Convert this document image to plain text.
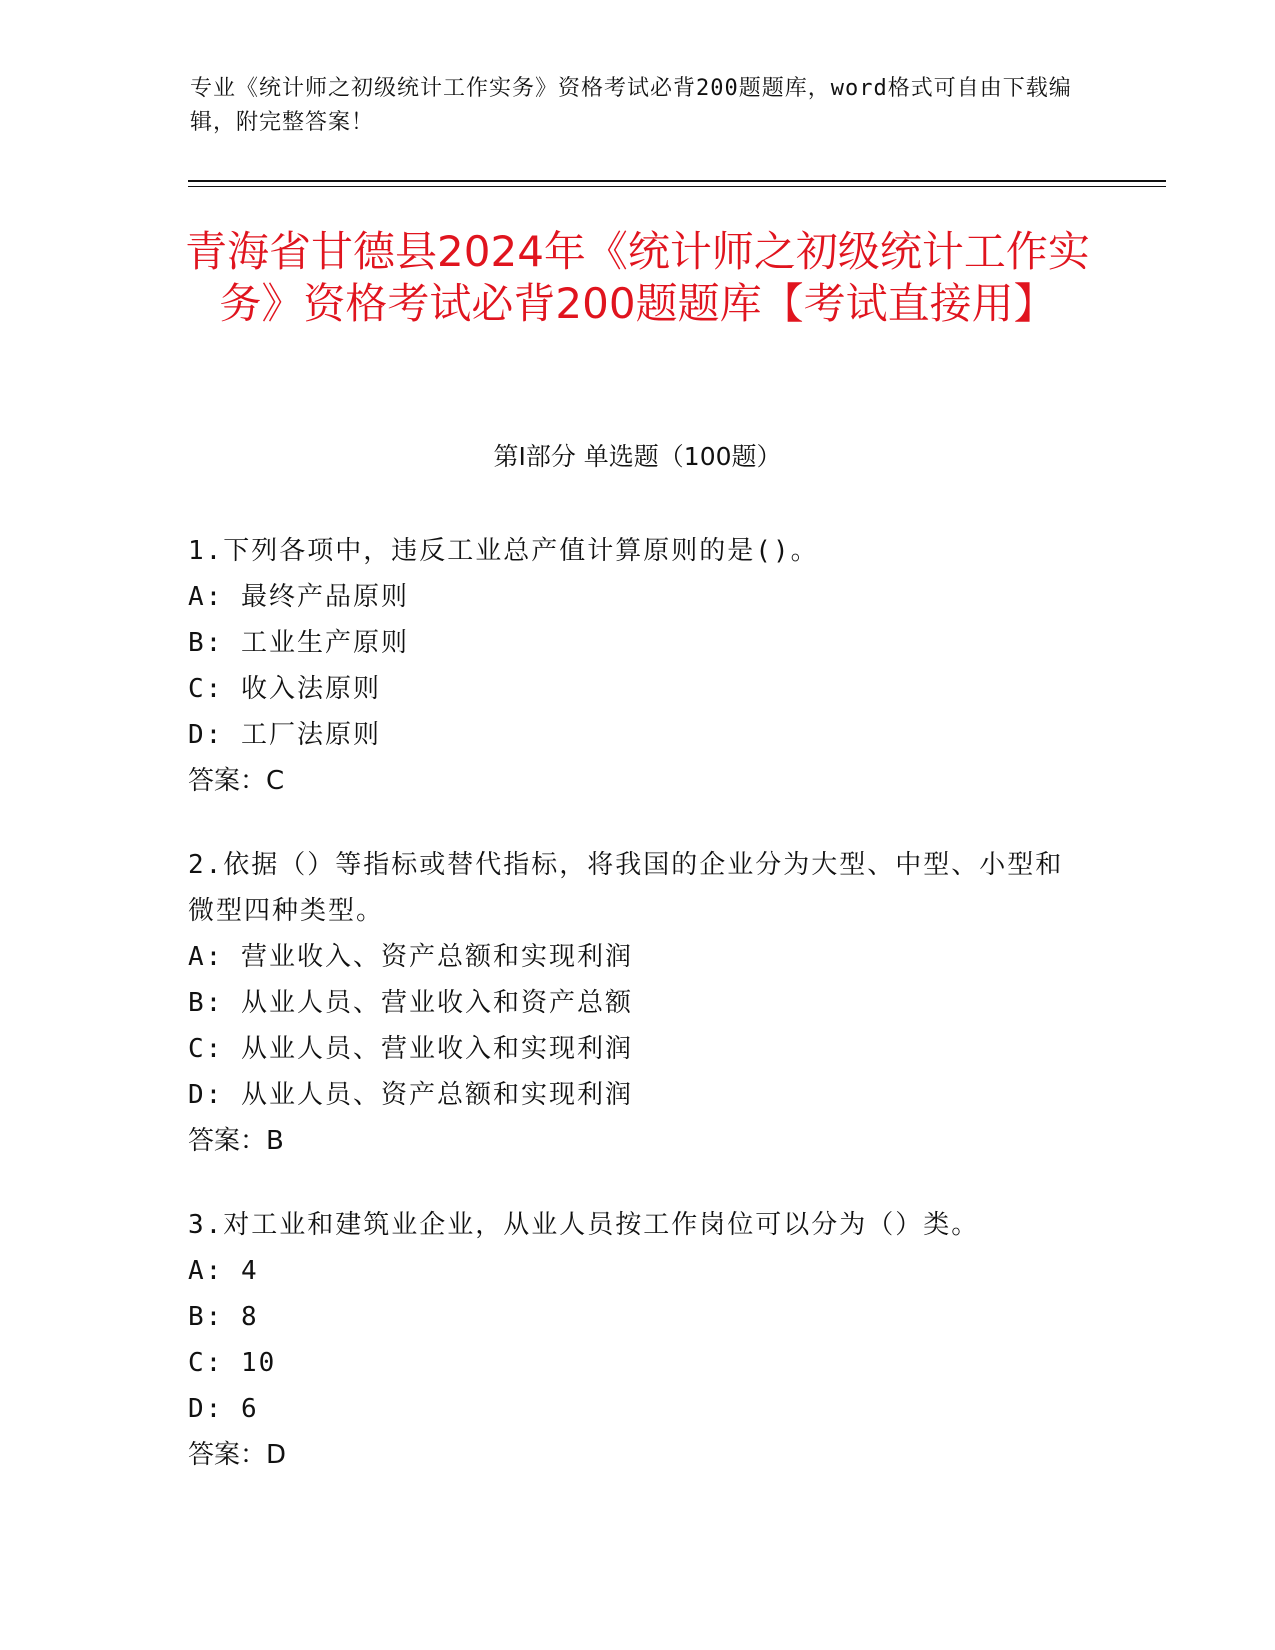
专业《统计师之初级统计工作实务》资格考试必背200题题库，word格式可自由下载编辑，附完整答案！
青海省甘德县2024年《统计师之初级统计工作实务》资格考试必背200题题库【考试直接用】
第Ⅰ部分 单选题（100题）
1.下列各项中，违反工业总产值计算原则的是()。
A: 最终产品原则
B: 工业生产原则
C: 收入法原则
D: 工厂法原则
答案：C
2.依据（）等指标或替代指标，将我国的企业分为大型、中型、小型和微型四种类型。
A: 营业收入、资产总额和实现利润
B: 从业人员、营业收入和资产总额
C: 从业人员、营业收入和实现利润
D: 从业人员、资产总额和实现利润
答案：B
3.对工业和建筑业企业，从业人员按工作岗位可以分为（）类。
A: 4
B: 8
C: 10
D: 6
答案：D
